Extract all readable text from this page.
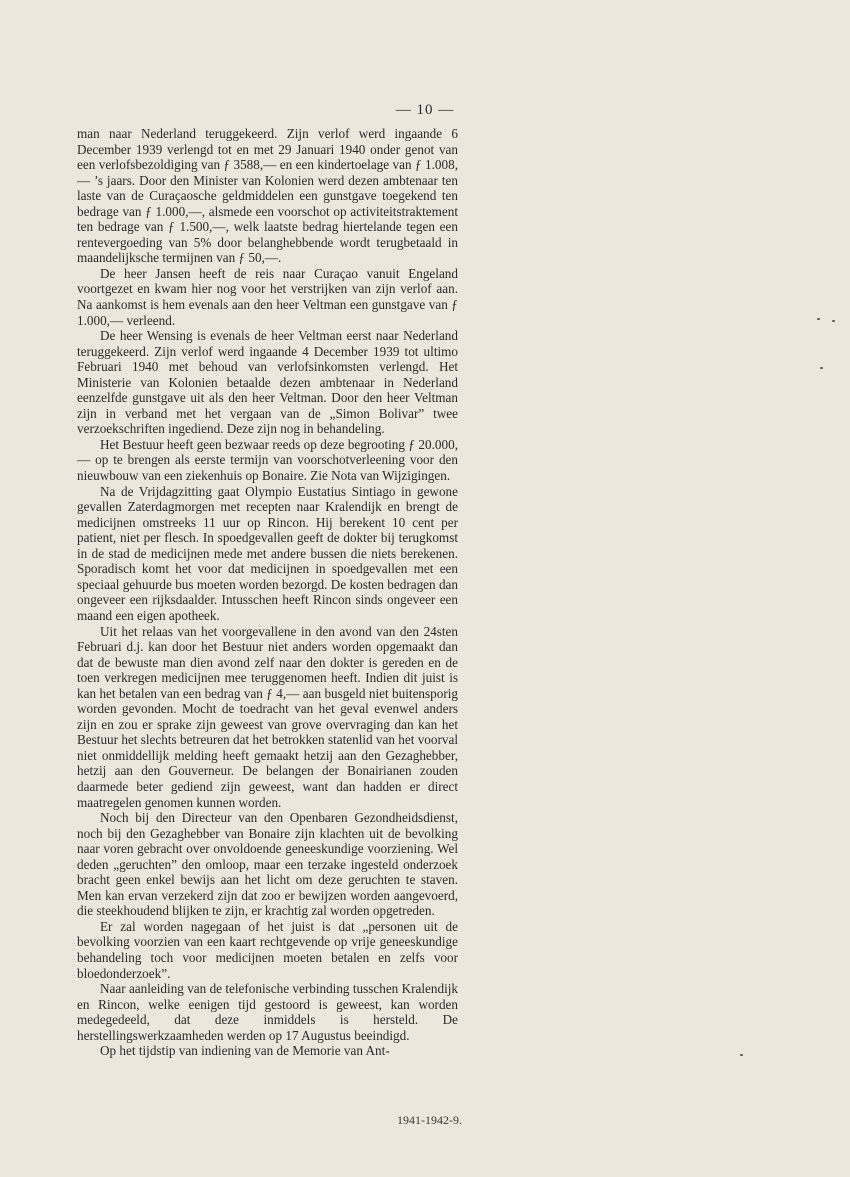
— 10 —

man naar Nederland teruggekeerd. Zijn verlof werd ingaande 6 December 1939 verlengd tot en met 29 Januari 1940 onder genot van een verlofsbezoldiging van ƒ 3588,— en een kindertoelage van ƒ 1.008,— ’s jaars. Door den Minister van Kolonien werd dezen ambtenaar ten laste van de Curaçaosche geldmiddelen een gunstgave toegekend ten bedrage van ƒ 1.000,—, alsmede een voorschot op activiteitstraktement ten bedrage van ƒ 1.500,—, welk laatste bedrag hiertelande tegen een rentevergoeding van 5% door belanghebbende wordt terugbetaald in maandelijksche termijnen van ƒ 50,—.

De heer Jansen heeft de reis naar Curaçao vanuit Engeland voortgezet en kwam hier nog voor het verstrijken van zijn verlof aan. Na aankomst is hem evenals aan den heer Veltman een gunstgave van ƒ 1.000,— verleend.

De heer Wensing is evenals de heer Veltman eerst naar Nederland teruggekeerd. Zijn verlof werd ingaande 4 December 1939 tot ultimo Februari 1940 met behoud van verlofsinkomsten verlengd. Het Ministerie van Kolonien betaalde dezen ambtenaar in Nederland eenzelfde gunstgave uit als den heer Veltman. Door den heer Veltman zijn in verband met het vergaan van de „Simon Bolivar” twee verzoekschriften ingediend. Deze zijn nog in behandeling.

Het Bestuur heeft geen bezwaar reeds op deze begrooting ƒ 20.000,— op te brengen als eerste termijn van voorschotverleening voor den nieuwbouw van een ziekenhuis op Bonaire. Zie Nota van Wijzigingen.

Na de Vrijdagzitting gaat Olympio Eustatius Sintiago in gewone gevallen Zaterdagmorgen met recepten naar Kralendijk en brengt de medicijnen omstreeks 11 uur op Rincon. Hij berekent 10 cent per patient, niet per flesch. In spoedgevallen geeft de dokter bij terugkomst in de stad de medicijnen mede met andere bussen die niets berekenen. Sporadisch komt het voor dat medicijnen in spoedgevallen met een speciaal gehuurde bus moeten worden bezorgd. De kosten bedragen dan ongeveer een rijksdaalder. Intusschen heeft Rincon sinds ongeveer een maand een eigen apotheek.

Uit het relaas van het voorgevallene in den avond van den 24sten Februari d.j. kan door het Bestuur niet anders worden opgemaakt dan dat de bewuste man dien avond zelf naar den dokter is gereden en de toen verkregen medicijnen mee teruggenomen heeft. Indien dit juist is kan het betalen van een bedrag van ƒ 4,— aan busgeld niet buitensporig worden gevonden. Mocht de toedracht van het geval evenwel anders zijn en zou er sprake zijn geweest van grove overvraging dan kan het Bestuur het slechts betreuren dat het betrokken statenlid van het voorval niet onmiddellijk melding heeft gemaakt hetzij aan den Gezaghebber, hetzij aan den Gouverneur. De belangen der Bonairianen zouden daarmede beter gediend zijn geweest, want dan hadden er direct maatregelen genomen kunnen worden.

Noch bij den Directeur van den Openbaren Gezondheidsdienst, noch bij den Gezaghebber van Bonaire zijn klachten uit de bevolking naar voren gebracht over onvoldoende geneeskundige voorziening. Wel deden „geruchten” den omloop, maar een terzake ingesteld onderzoek bracht geen enkel bewijs aan het licht om deze geruchten te staven. Men kan ervan verzekerd zijn dat zoo er bewijzen worden aangevoerd, die steekhoudend blijken te zijn, er krachtig zal worden opgetreden.

Er zal worden nagegaan of het juist is dat „personen uit de bevolking voorzien van een kaart rechtgevende op vrije geneeskundige behandeling toch voor medicijnen moeten betalen en zelfs voor bloedonderzoek”.

Naar aanleiding van de telefonische verbinding tusschen Kralendijk en Rincon, welke eenigen tijd gestoord is geweest, kan worden medegedeeld, dat deze inmiddels is hersteld. De herstellingswerkzaamheden werden op 17 Augustus beeindigd.

Op het tijdstip van indiening van de Memorie van Ant-

1941-1942-9.
